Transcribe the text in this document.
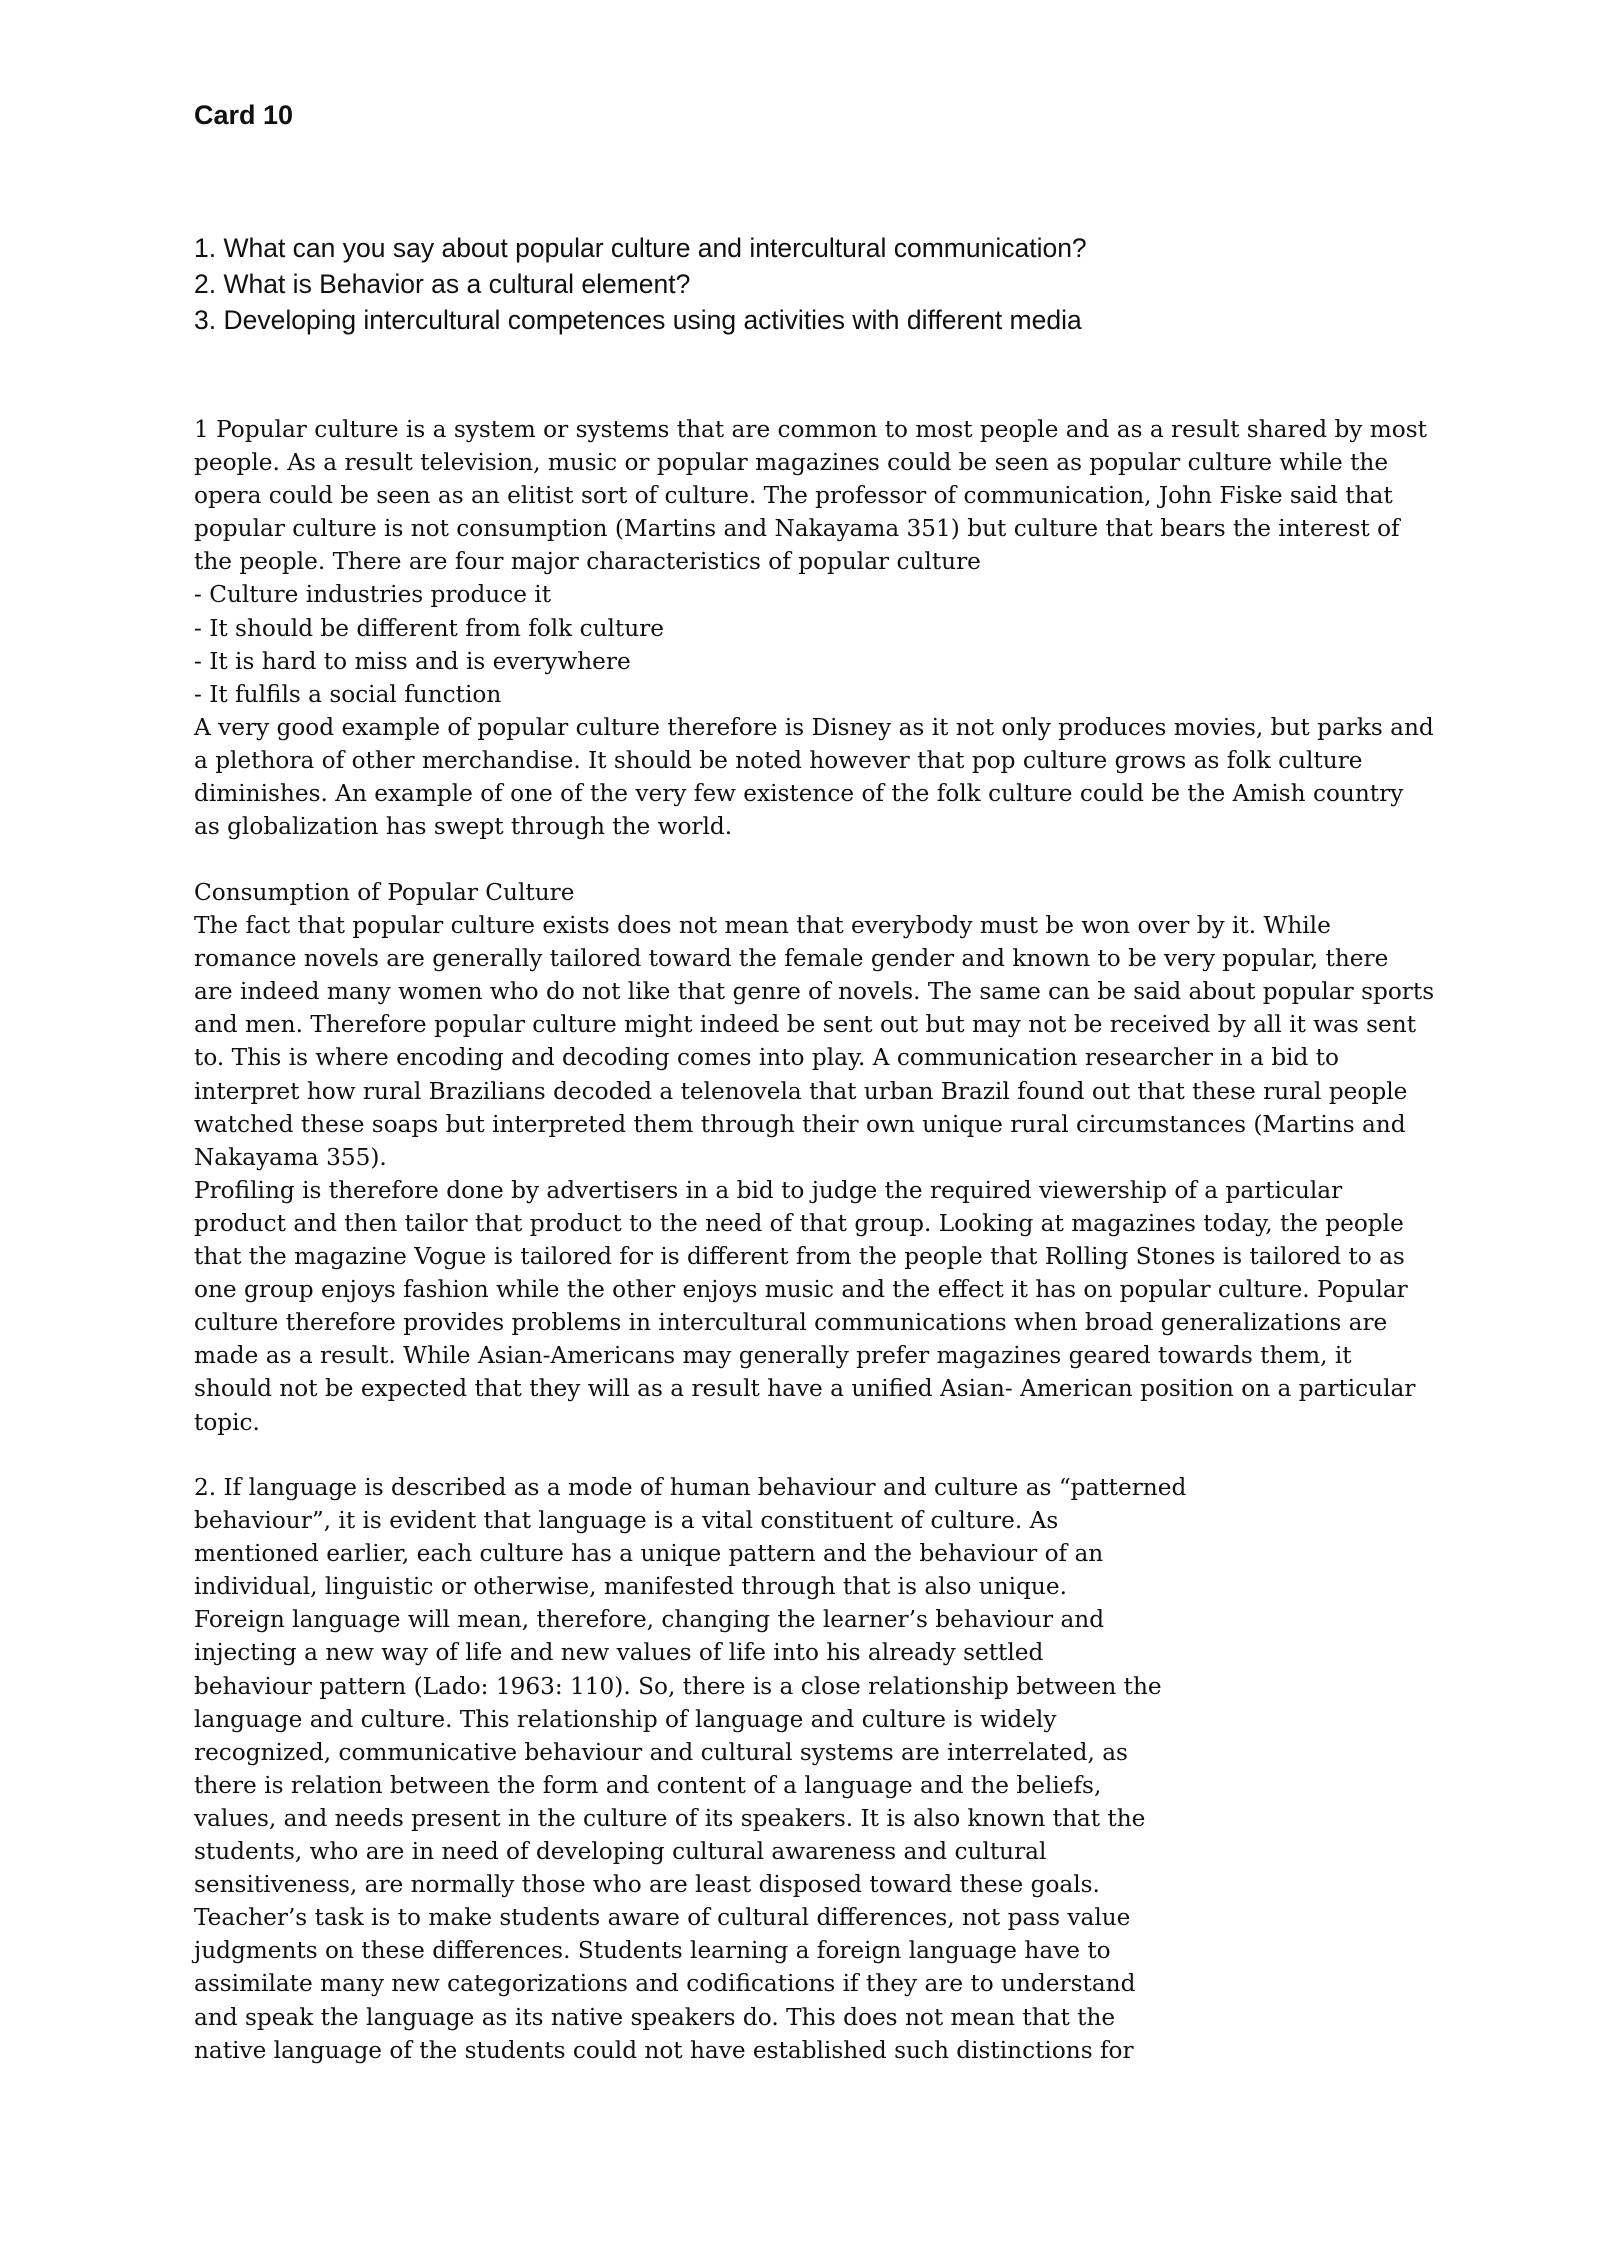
Card 10
1. What can you say about popular culture and intercultural communication?
2. What is Behavior as a cultural element?
3. Developing intercultural competences using activities with different media
1 Popular culture is a system or systems that are common to most people and as a result shared by most
people. As a result television, music or popular magazines could be seen as popular culture while the
opera could be seen as an elitist sort of culture. The professor of communication, John Fiske said that
popular culture is not consumption (Martins and Nakayama 351) but culture that bears the interest of
the people. There are four major characteristics of popular culture
- Culture industries produce it
- It should be different from folk culture
- It is hard to miss and is everywhere
- It fulfils a social function
A very good example of popular culture therefore is Disney as it not only produces movies, but parks and
a plethora of other merchandise. It should be noted however that pop culture grows as folk culture
diminishes. An example of one of the very few existence of the folk culture could be the Amish country
as globalization has swept through the world.
Consumption of Popular Culture
The fact that popular culture exists does not mean that everybody must be won over by it. While
romance novels are generally tailored toward the female gender and known to be very popular, there
are indeed many women who do not like that genre of novels. The same can be said about popular sports
and men. Therefore popular culture might indeed be sent out but may not be received by all it was sent
to. This is where encoding and decoding comes into play. A communication researcher in a bid to
interpret how rural Brazilians decoded a telenovela that urban Brazil found out that these rural people
watched these soaps but interpreted them through their own unique rural circumstances (Martins and
Nakayama 355).
Profiling is therefore done by advertisers in a bid to judge the required viewership of a particular
product and then tailor that product to the need of that group. Looking at magazines today, the people
that the magazine Vogue is tailored for is different from the people that Rolling Stones is tailored to as
one group enjoys fashion while the other enjoys music and the effect it has on popular culture. Popular
culture therefore provides problems in intercultural communications when broad generalizations are
made as a result. While Asian-Americans may generally prefer magazines geared towards them, it
should not be expected that they will as a result have a unified Asian- American position on a particular
topic.
2. If language is described as a mode of human behaviour and culture as “patterned
behaviour”, it is evident that language is a vital constituent of culture. As
mentioned earlier, each culture has a unique pattern and the behaviour of an
individual, linguistic or otherwise, manifested through that is also unique.
Foreign language will mean, therefore, changing the learner’s behaviour and
injecting a new way of life and new values of life into his already settled
behaviour pattern (Lado: 1963: 110). So, there is a close relationship between the
language and culture. This relationship of language and culture is widely
recognized, communicative behaviour and cultural systems are interrelated, as
there is relation between the form and content of a language and the beliefs,
values, and needs present in the culture of its speakers. It is also known that the
students, who are in need of developing cultural awareness and cultural
sensitiveness, are normally those who are least disposed toward these goals.
Teacher’s task is to make students aware of cultural differences, not pass value
judgments on these differences. Students learning a foreign language have to
assimilate many new categorizations and codifications if they are to understand
and speak the language as its native speakers do. This does not mean that the
native language of the students could not have established such distinctions for
